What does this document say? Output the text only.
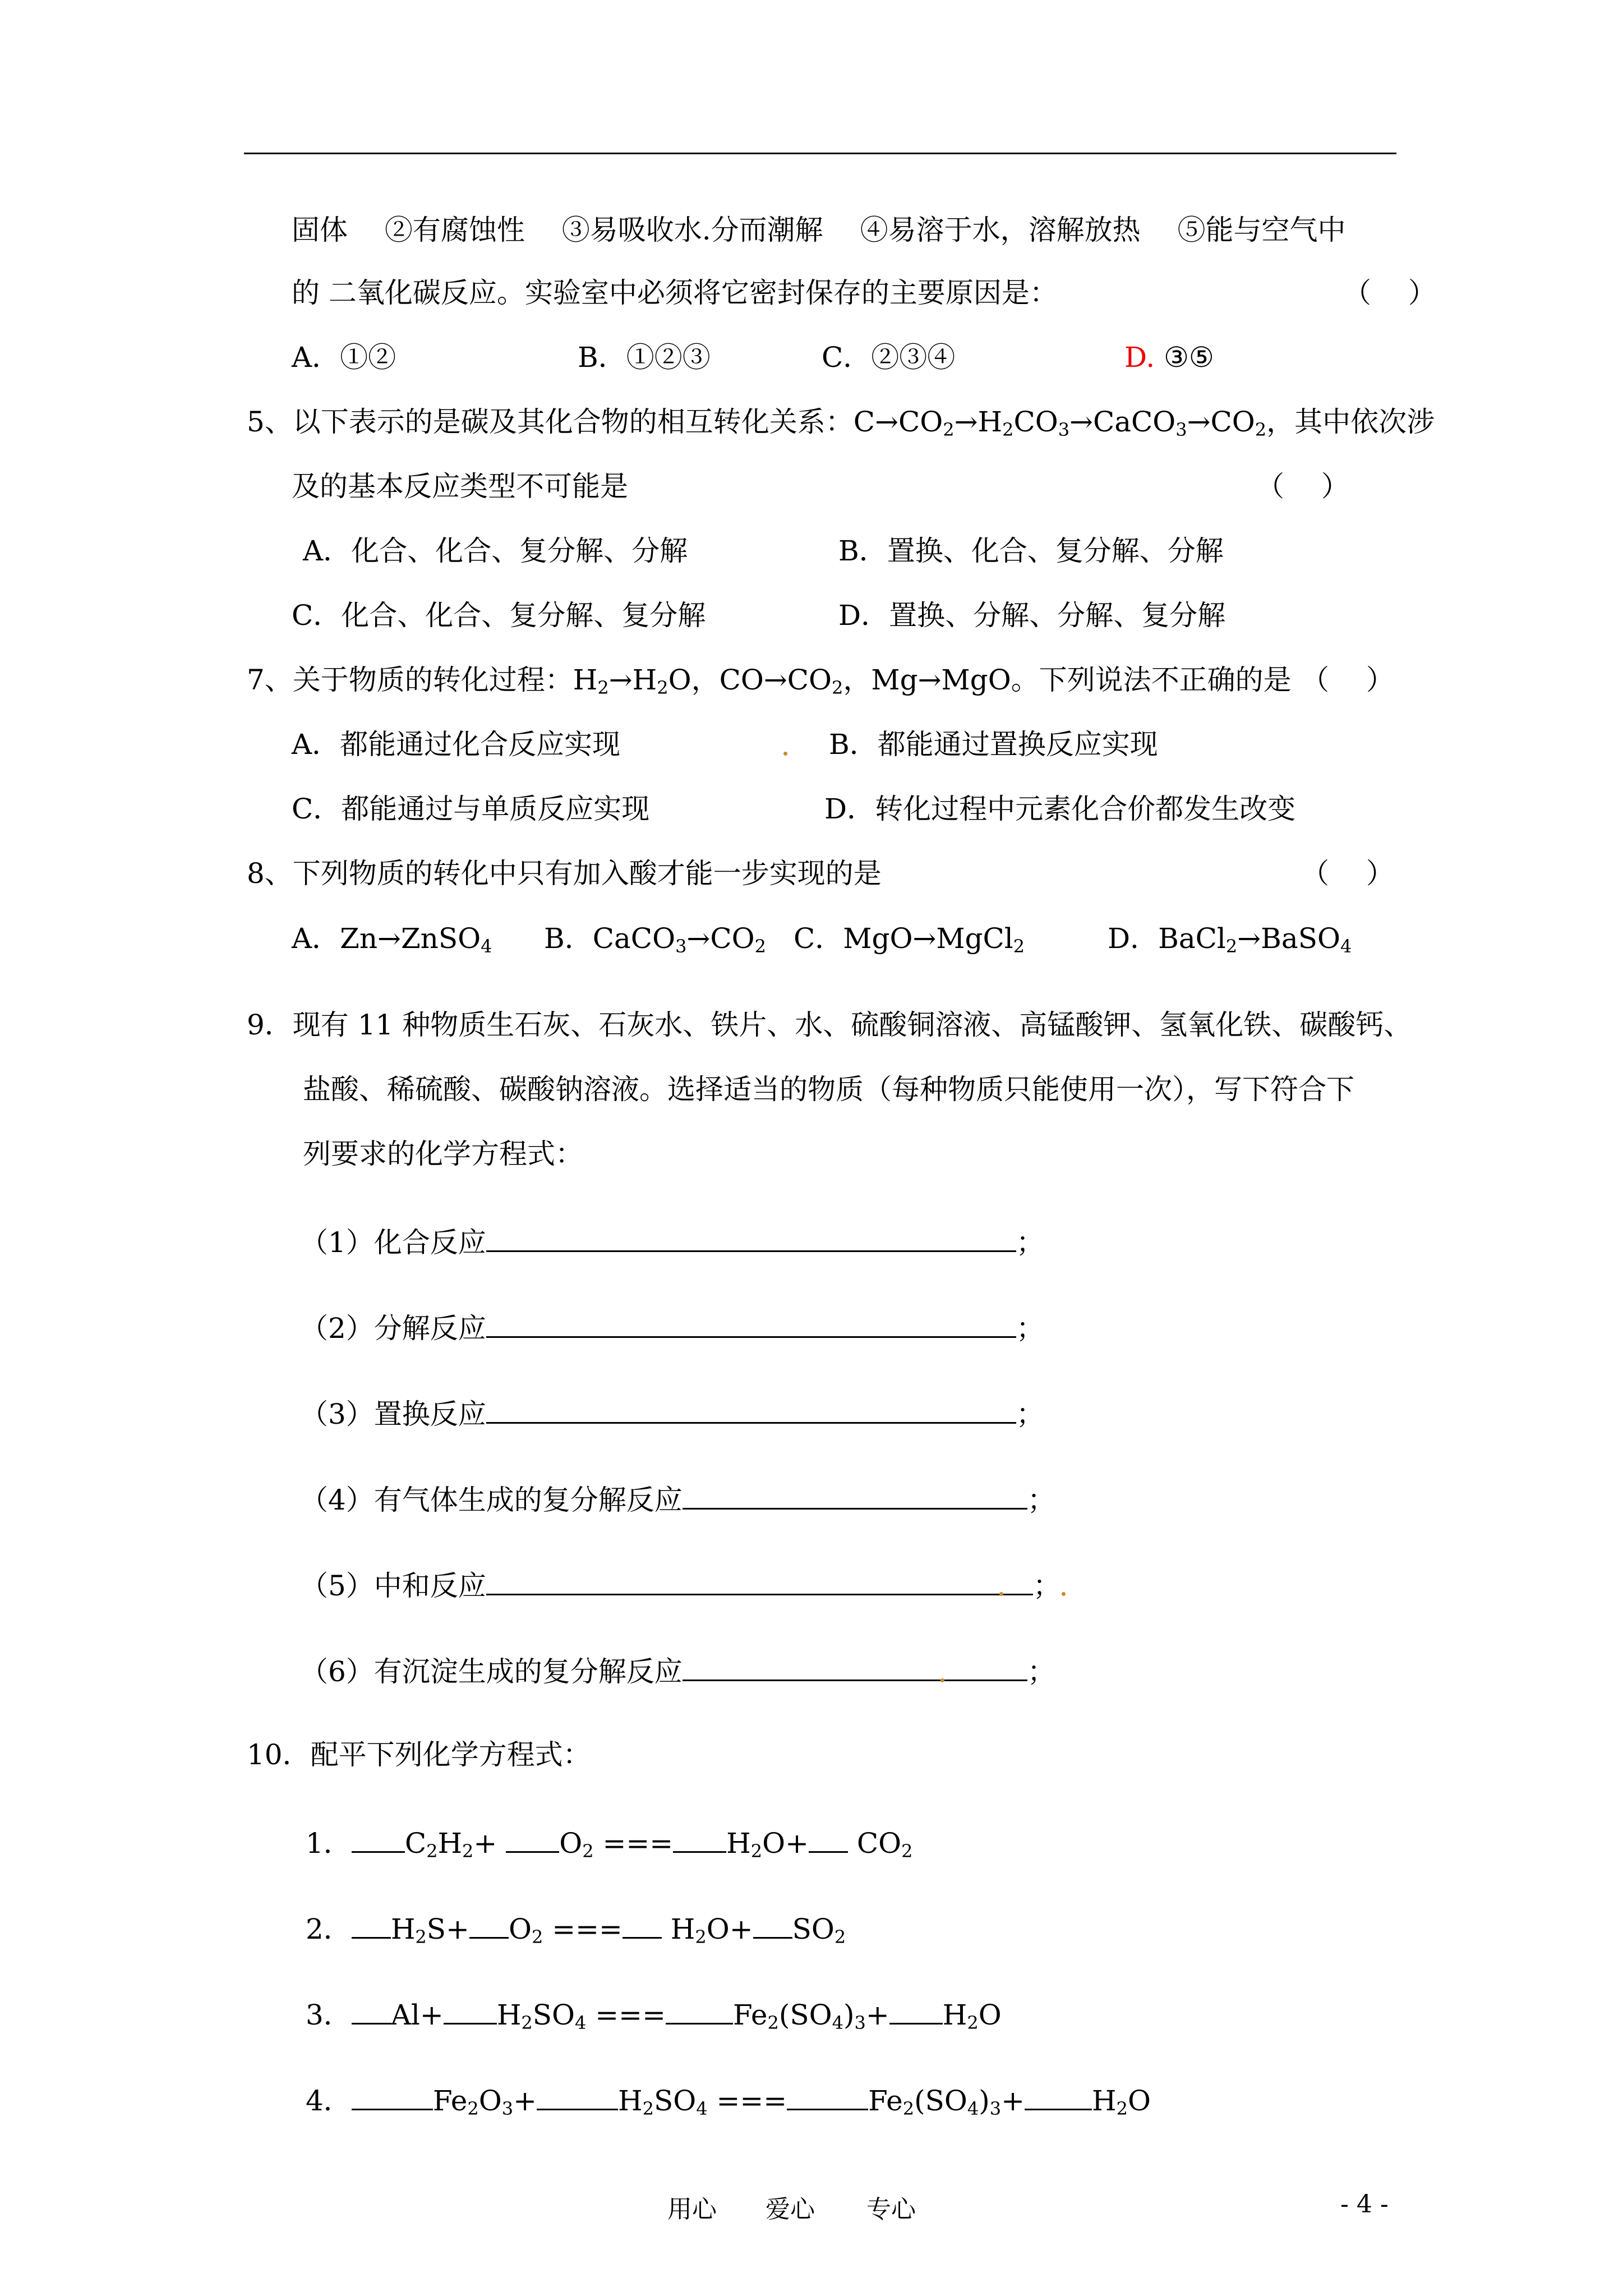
固体　 ②有腐蚀性　 ③易吸收水.分而潮解　 ④易溶于水，溶解放热　 ⑤能与空气中
的 二氧化碳反应。实验室中必须将它密封保存的主要原因是：	（　 ）
A．①②	B．①②③	C．②③④	D. ③⑤
5、以下表示的是碳及其化合物的相互转化关系：$C\to CO_2\to H_2CO_3\to CaCO_3\to CO_2$，其中依次涉
及的基本反应类型不可能是	（　 ）
A．化合、化合、复分解、分解	B．置换、化合、复分解、分解
C．化合、化合、复分解、复分解	D．置换、分解、分解、复分解
7、关于物质的转化过程：$H_2\to H_2O$，$CO\to CO_2$，Mg→MgO。下列说法不正确的是 （　 ）
A．都能通过化合反应实现	B．都能通过置换反应实现
C．都能通过与单质反应实现	D．转化过程中元素化合价都发生改变
8、下列物质的转化中只有加入酸才能一步实现的是	（　 ）
A．Zn→ZnSO$_4$ B．$CaCO_3\to CO_2$ C．MgO→MgCl$_2$	D．BaCl$_2$→BaSO$_4$
9．现有 11 种物质生石灰、石灰水、铁片、水、硫酸铜溶液、高锰酸钾、氢氧化铁、碳酸钙、
盐酸、稀硫酸、碳酸钠溶液。选择适当的物质（每种物质只能使用一次），写下符合下
列要求的化学方程式：
（1）化合反应	；
（2）分解反应	；
（3）置换反应	；
（4）有气体生成的复分解反应	；
（5）中和反应	；
（6）有沉淀生成的复分解反应	；
10．配平下列化学方程式：
1． $C_2H_2+ O_2$ === $H_2O+ CO_2$
2． $H_2S+ O_2$ === $H_2O+ SO_2$
3． $Al+ H_2SO_4$ === $Fe_2(SO_4)_3+ H_2O$
4．	$Fe_2O_3+$	$H_2SO_4$ ===	$Fe_2(SO_4)_3+ H_2O$
用心 爱心 专心	- 4 -
